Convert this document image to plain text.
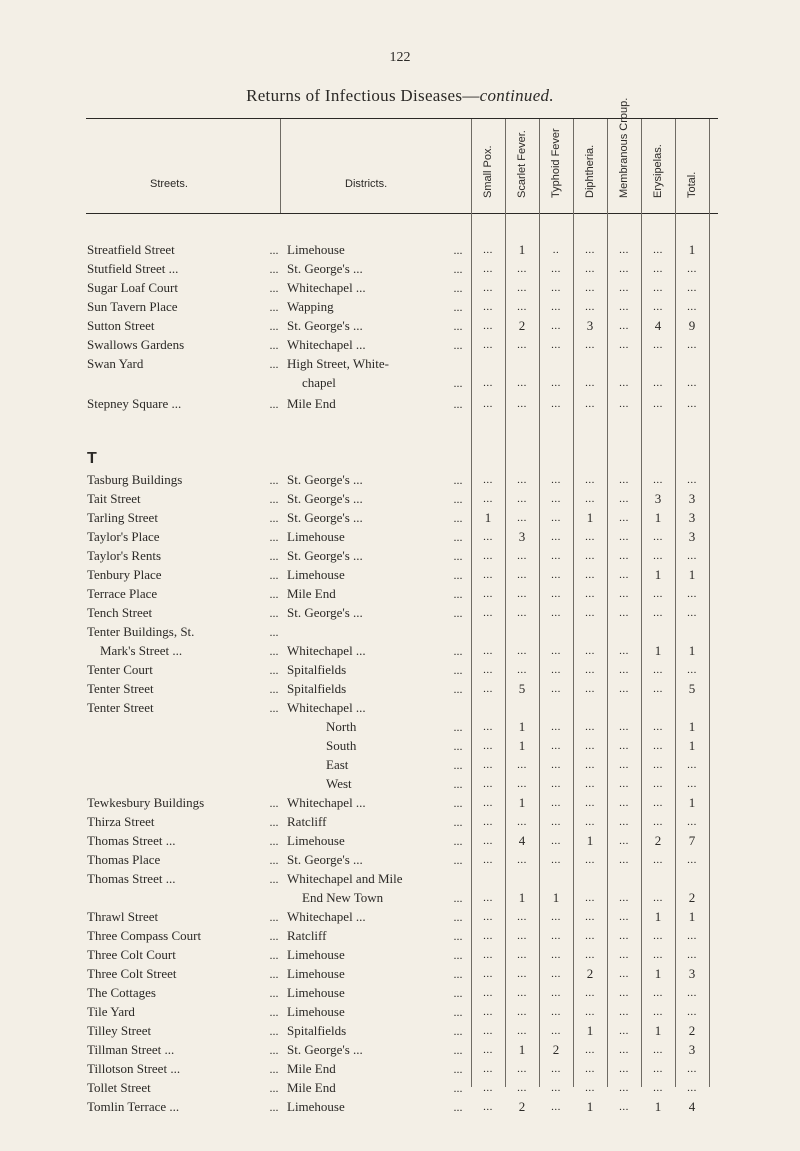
122
Returns of Infectious Diseases—continued.
Streets.	Districts.	Small Pox. Scarlet Fever. Typhoid Fever Diphtheria. Membranous Croup. Erysipelas. Total.
T
Streatfield Street	... Limehouse	...	...	1	..	...	...	...	1
Stutfield Street ...	... St. George's ...	...	...	...	...	...	...	...	...
Sugar Loaf Court	... Whitechapel ...	...	...	...	...	...	...	...	...
Sun Tavern Place	... Wapping	...	...	...	...	...	...	...	...
Sutton Street	... St. George's ...	...	...	2	...	3	...	4	9
Swallows Gardens	... Whitechapel ...	...	...	...	...	...	...	...	...
Swan Yard	... High Street, White-
chapel	...	...	...	...	...	...	...	...
Stepney Square ...	... Mile End	...	...	...	...	...	...	...	...
Tasburg Buildings	... St. George's ...	...	...	...	...	...	...	...	...
Tait Street	... St. George's ...	...	...	...	...	...	...	3	3
Tarling Street	... St. George's ...	...	1	...	...	1	...	1	3
Taylor's Place	... Limehouse	...	...	3	...	...	...	...	3
Taylor's Rents	... St. George's ...	...	...	...	...	...	...	...	...
Tenbury Place	... Limehouse	...	...	...	...	...	...	1	1
Terrace Place	... Mile End	...	...	...	...	...	...	...	...
Tench Street	... St. George's ...	...	...	...	...	...	...	...	...
Tenter Buildings, St.	...
Mark's Street ...	... Whitechapel ...	...	...	...	...	...	...	1	1
Tenter Court	... Spitalfields	...	...	...	...	...	...	...	...
Tenter Street	... Spitalfields	...	...	5	...	...	...	...	5
Tenter Street	... Whitechapel ...
North	...	...	1	...	...	...	...	1
South	...	...	1	...	...	...	...	1
East	...	...	...	...	...	...	...	...
West	...	...	...	...	...	...	...	...
Tewkesbury Buildings	... Whitechapel ...	...	...	1	...	...	...	...	1
Thirza Street	... Ratcliff	...	...	...	...	...	...	...	...
Thomas Street ...	... Limehouse	...	...	4	...	1	...	2	7
Thomas Place	... St. George's ...	...	...	...	...	...	...	...	...
Thomas Street ...	... Whitechapel and Mile
End New Town	...	...	1	1	...	...	...	2
Thrawl Street	... Whitechapel ...	...	...	...	...	...	...	1	1
Three Compass Court	... Ratcliff	...	...	...	...	...	...	...	...
Three Colt Court	... Limehouse	...	...	...	...	...	...	...	...
Three Colt Street	... Limehouse	...	...	...	...	2	...	1	3
The Cottages	... Limehouse	...	...	...	...	...	...	...	...
Tile Yard	... Limehouse	...	...	...	...	...	...	...	...
Tilley Street	... Spitalfields	...	...	...	...	1	...	1	2
Tillman Street ...	... St. George's ...	...	...	1	2	...	...	...	3
Tillotson Street ...	... Mile End	...	...	...	...	...	...	...	...
Tollet Street	... Mile End	...	...	...	...	...	...	...	...
Tomlin Terrace ...	... Limehouse	...	...	2	...	1	...	1	4
